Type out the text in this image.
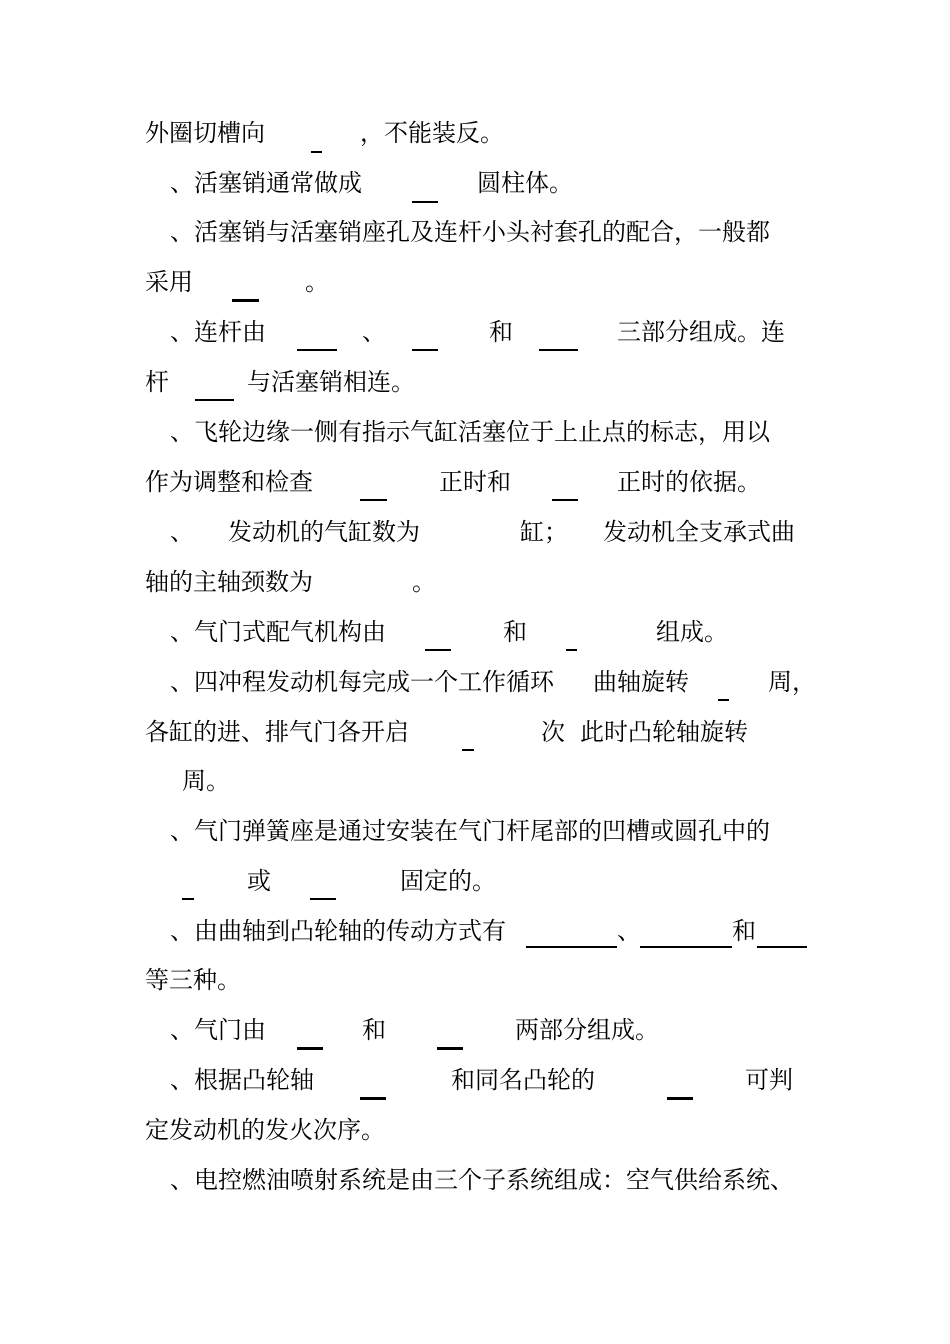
外圈切槽向	，不能装反。
、活塞销通常做成	圆柱体。
、活塞销与活塞销座孔及连杆小头衬套孔的配合，一般都
采用	。
、连杆由	、	和	三部分组成。连
杆	与活塞销相连。
、飞轮边缘一侧有指示气缸活塞位于上止点的标志，用以
作为调整和检查	正时和	正时的依据。
、 发动机的气缸数为	缸； 发动机全支承式曲
轴的主轴颈数为	。
、气门式配气机构由	和	组成。
、四冲程发动机每完成一个工作循环 曲轴旋转	周，
各缸的进、排气门各开启	次 此时凸轮轴旋转
周。
、气门弹簧座是通过安装在气门杆尾部的凹槽或圆孔中的
或	固定的。
、由曲轴到凸轮轴的传动方式有	、	和
等三种。
、气门由	和	两部分组成。
、根据凸轮轴	和同名凸轮的	可判
定发动机的发火次序。
、电控燃油喷射系统是由三个子系统组成：空气供给系统、
